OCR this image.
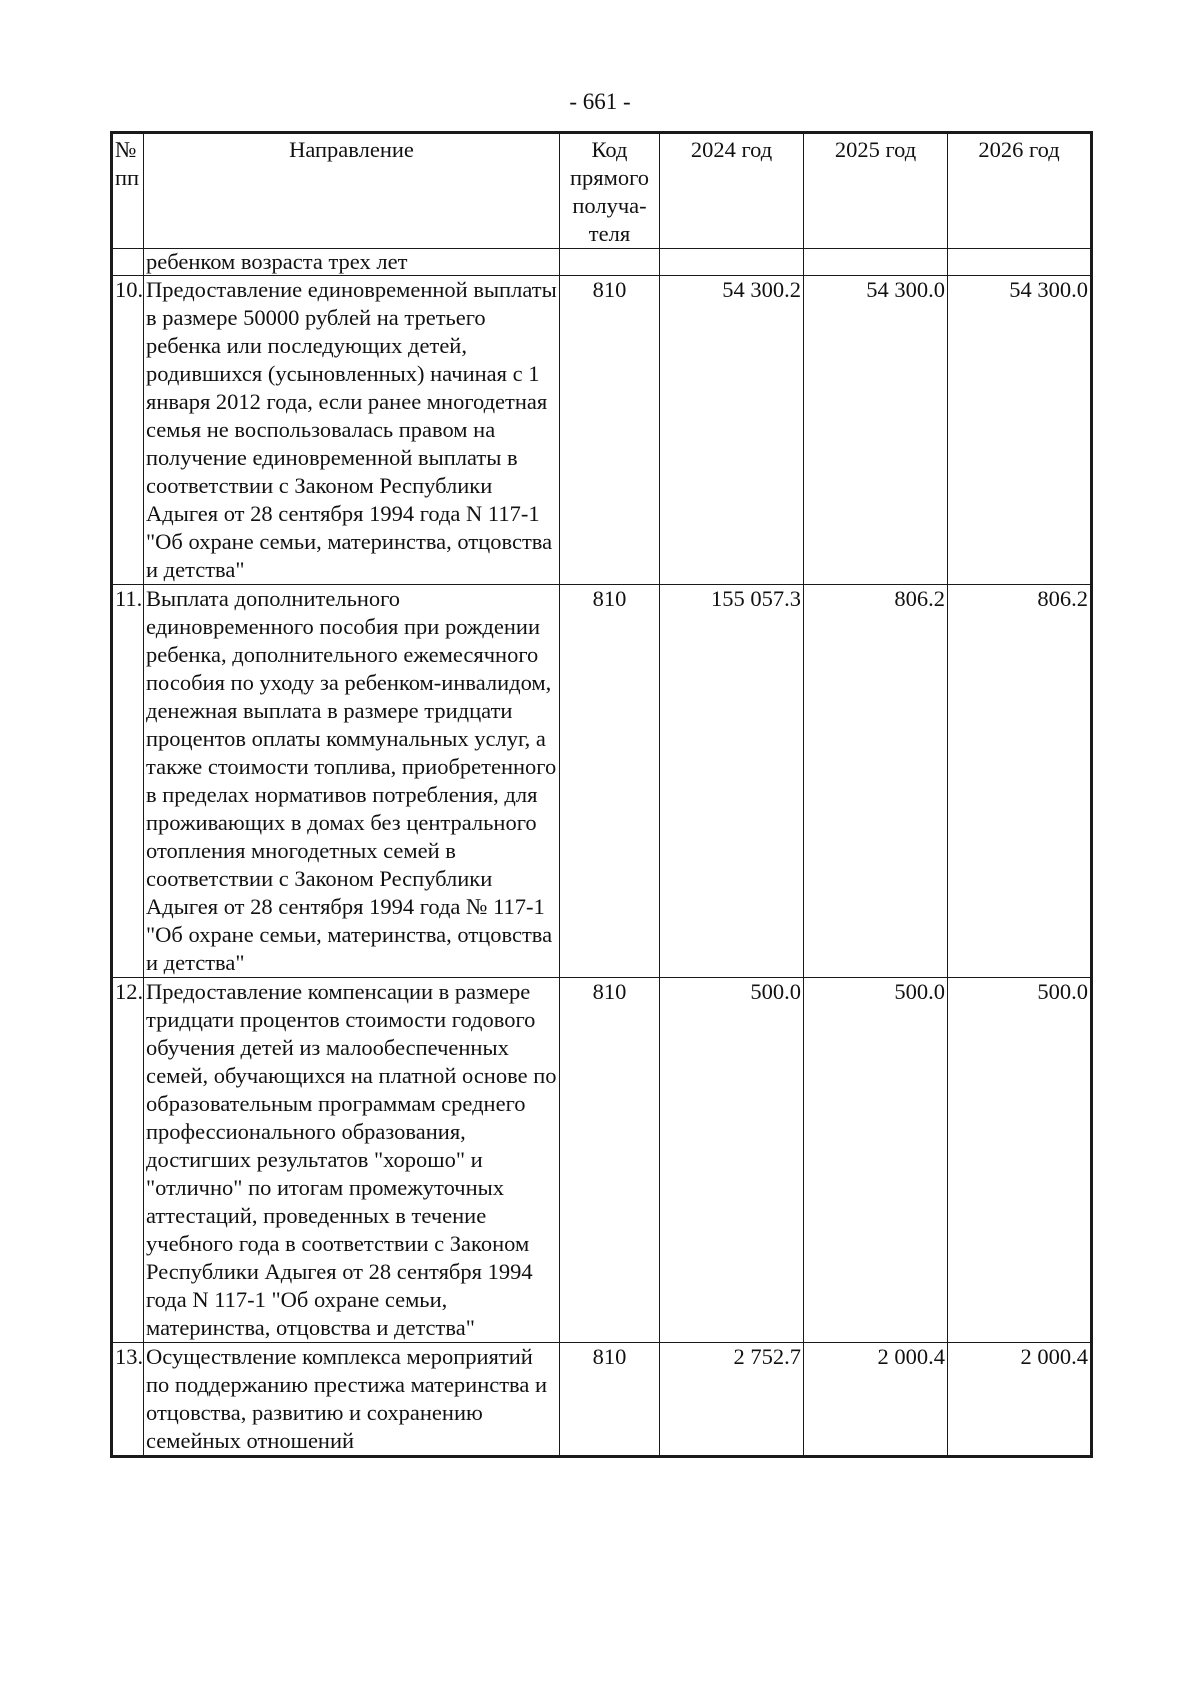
- 661 -
№ пп	Направление	Код прямого получа-теля	2024 год	2025 год	2026 год
	ребенком возраста трех лет				
10.	Предоставление единовременной выплаты в размере 50000 рублей на третьего ребенка или последующих детей, родившихся (усыновленных) начиная с 1 января 2012 года, если ранее многодетная семья не воспользовалась правом на получение единовременной выплаты в соответствии с Законом Республики Адыгея от 28 сентября 1994 года N 117-1 "Об охране семьи, материнства, отцовства и детства"	810	54 300.2	54 300.0	54 300.0
11.	Выплата дополнительного единовременного пособия при рождении ребенка, дополнительного ежемесячного пособия по уходу за ребенком-инвалидом, денежная выплата в размере тридцати процентов оплаты коммунальных услуг, а также стоимости топлива, приобретенного в пределах нормативов потребления, для проживающих в домах без центрального отопления многодетных семей в соответствии с Законом Республики Адыгея от 28 сентября 1994 года № 117-1 "Об охране семьи, материнства, отцовства и детства"	810	155 057.3	806.2	806.2
12.	Предоставление компенсации в размере тридцати процентов стоимости годового обучения детей из малообеспеченных семей, обучающихся на платной основе по образовательным программам среднего профессионального образования, достигших результатов "хорошо" и "отлично" по итогам промежуточных аттестаций, проведенных в течение учебного года в соответствии с Законом Республики Адыгея от 28 сентября 1994 года N 117-1 "Об охране семьи, материнства, отцовства и детства"	810	500.0	500.0	500.0
13.	Осуществление комплекса мероприятий по поддержанию престижа материнства и отцовства, развитию и сохранению семейных отношений	810	2 752.7	2 000.4	2 000.4
